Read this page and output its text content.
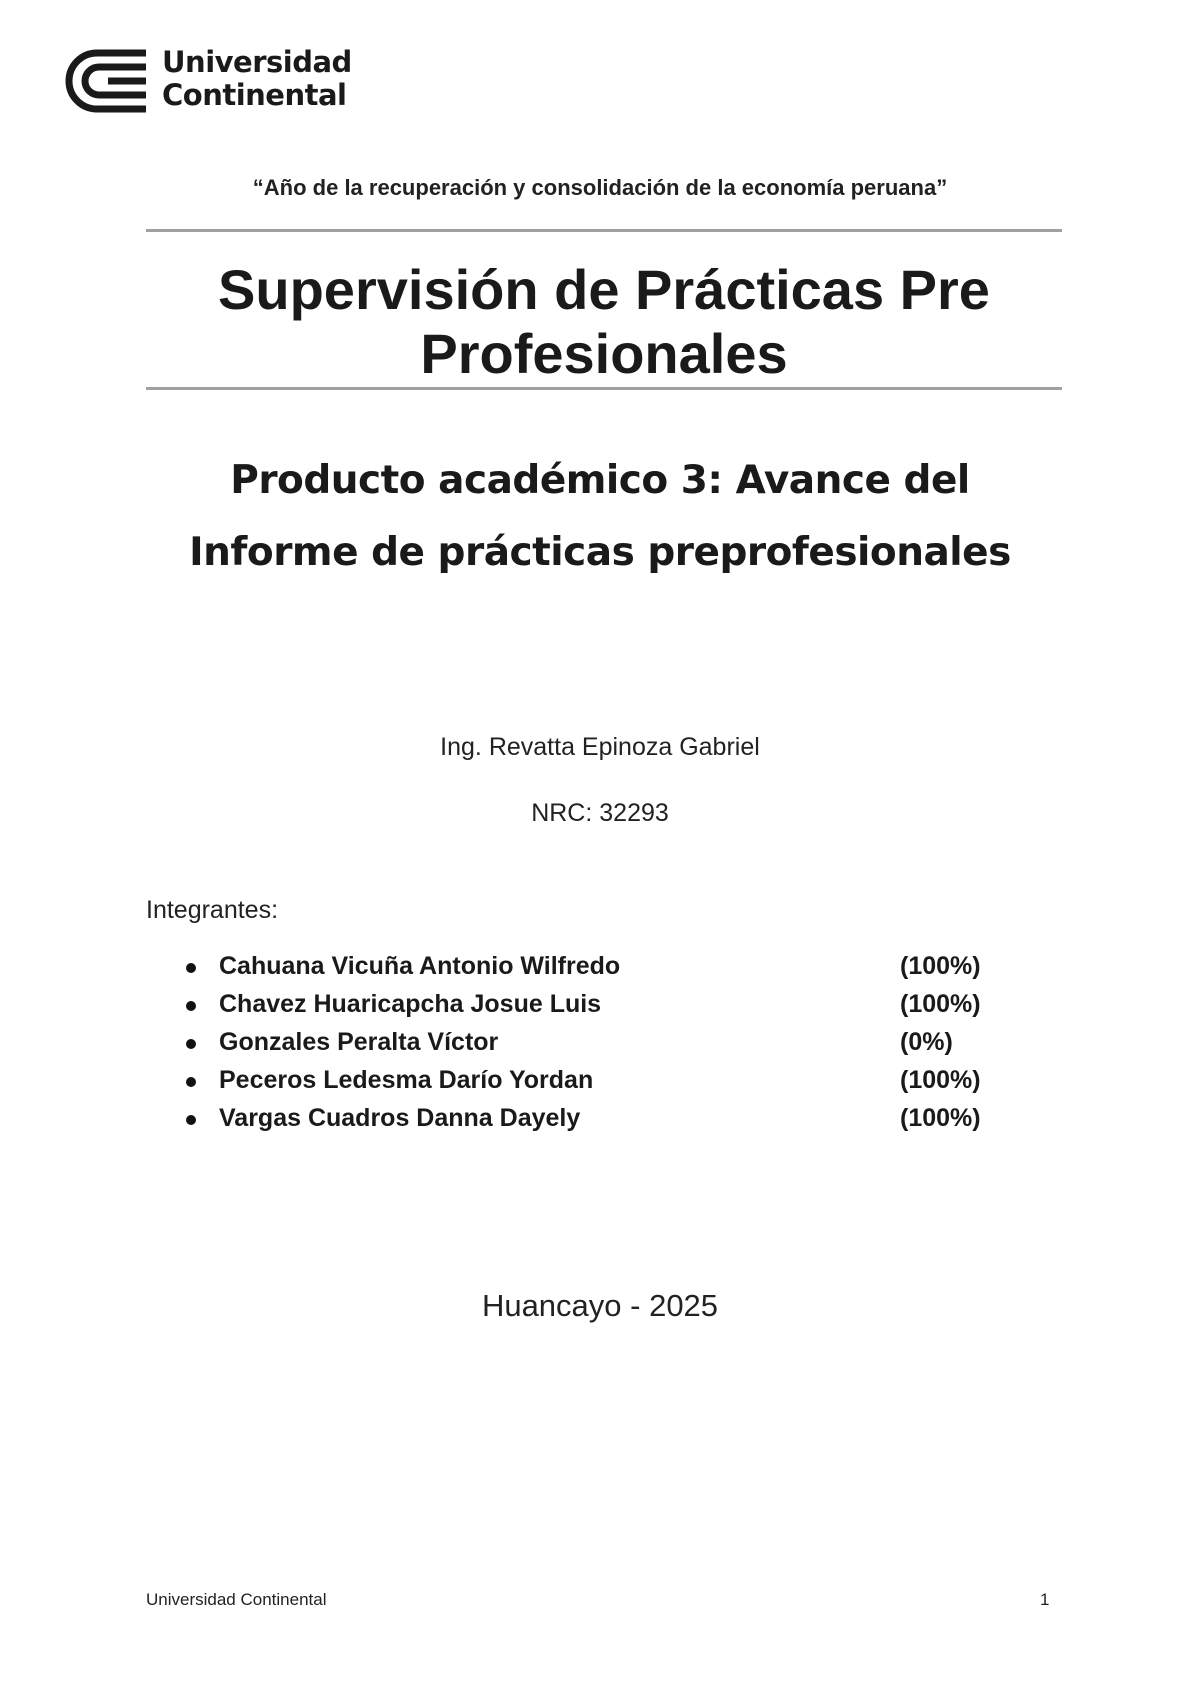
Universidad
Continental
“Año de la recuperación y consolidación de la economía peruana”
Supervisión de Prácticas Pre
Profesionales
Producto académico 3: Avance del
Informe de prácticas preprofesionales
Ing. Revatta Epinoza Gabriel
NRC: 32293
Integrantes:
Cahuana Vicuña Antonio Wilfredo	(100%)
Chavez Huaricapcha Josue Luis	(100%)
Gonzales Peralta Víctor	(0%)
Peceros Ledesma Darío Yordan	(100%)
Vargas Cuadros Danna Dayely	(100%)
Huancayo - 2025
Universidad Continental	1
